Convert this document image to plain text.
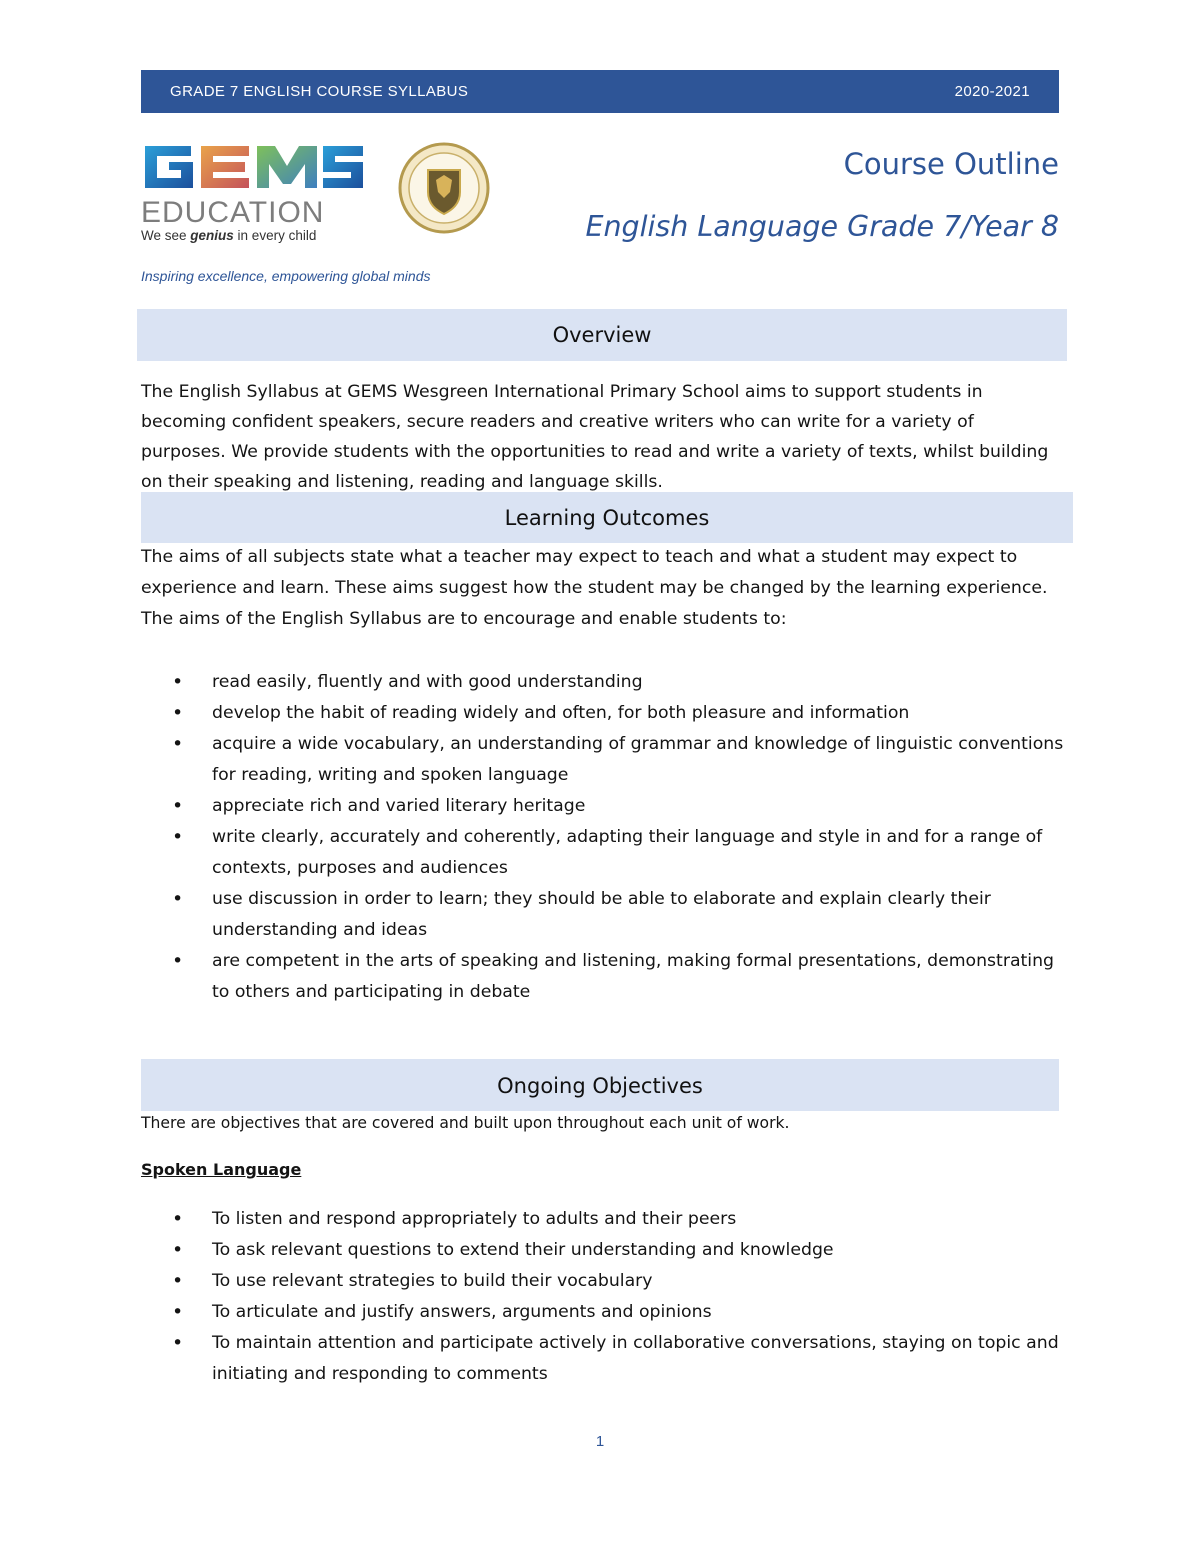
GRADE 7 ENGLISH COURSE SYLLABUS	2020-2021
EDUCATION
We see genius in every child
Inspiring excellence, empowering global minds
Course Outline
English Language Grade 7/Year 8
Overview
The English Syllabus at GEMS Wesgreen International Primary School aims to support students in becoming confident speakers, secure readers and creative writers who can write for a variety of purposes. We provide students with the opportunities to read and write a variety of texts, whilst building on their speaking and listening, reading and language skills.
Learning Outcomes
The aims of all subjects state what a teacher may expect to teach and what a student may expect to experience and learn. These aims suggest how the student may be changed by the learning experience.
The aims of the English Syllabus are to encourage and enable students to:
• read easily, fluently and with good understanding
• develop the habit of reading widely and often, for both pleasure and information
• acquire a wide vocabulary, an understanding of grammar and knowledge of linguistic conventions for reading, writing and spoken language
• appreciate rich and varied literary heritage
• write clearly, accurately and coherently, adapting their language and style in and for a range of contexts, purposes and audiences
• use discussion in order to learn; they should be able to elaborate and explain clearly their understanding and ideas
• are competent in the arts of speaking and listening, making formal presentations, demonstrating to others and participating in debate
Ongoing Objectives
There are objectives that are covered and built upon throughout each unit of work.
Spoken Language
• To listen and respond appropriately to adults and their peers
• To ask relevant questions to extend their understanding and knowledge
• To use relevant strategies to build their vocabulary
• To articulate and justify answers, arguments and opinions
• To maintain attention and participate actively in collaborative conversations, staying on topic and initiating and responding to comments
1
